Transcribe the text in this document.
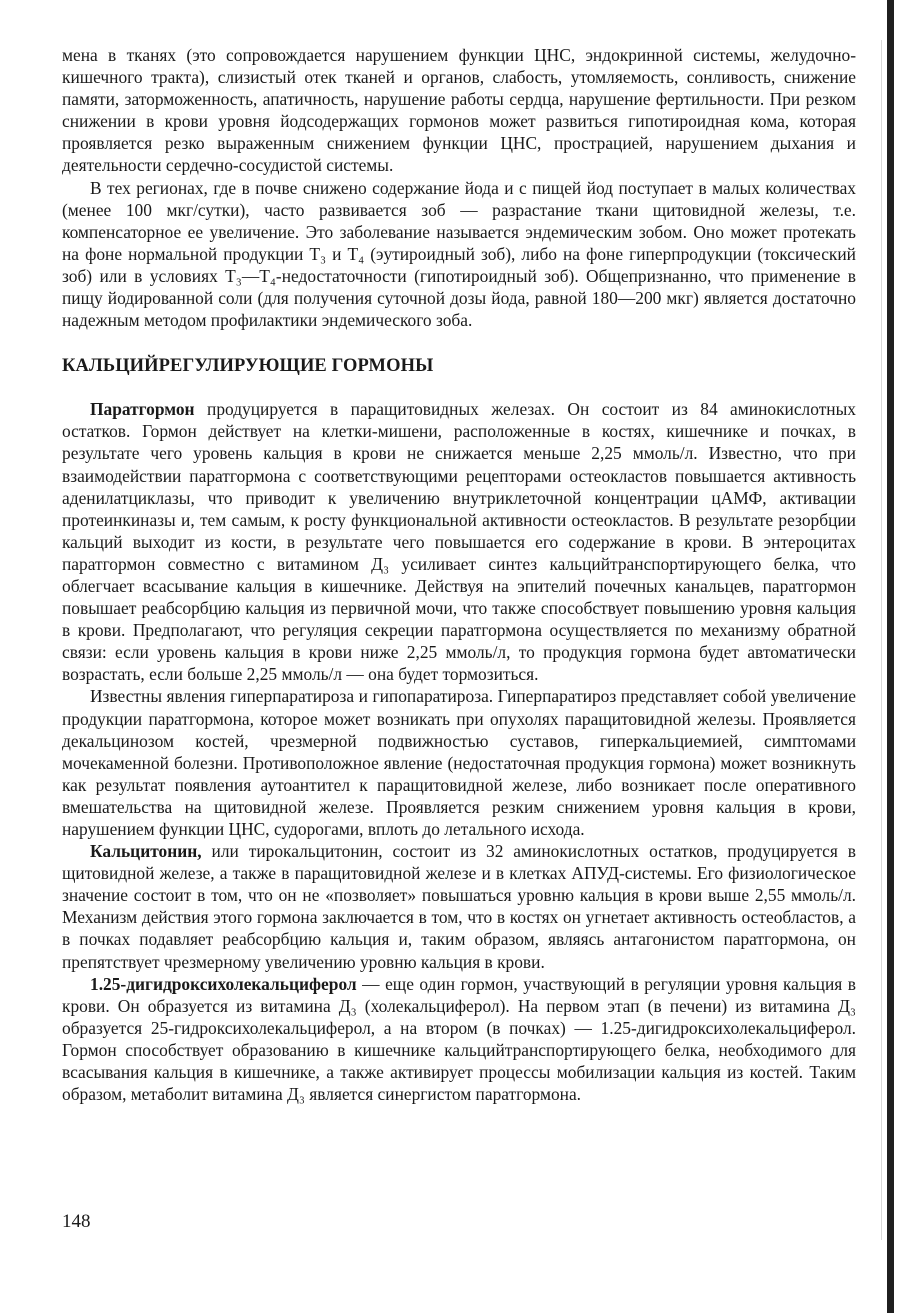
мена в тканях (это сопровождается нарушением функции ЦНС, эндокринной системы, желудочно-кишечного тракта), слизистый отек тканей и органов, слабость, утомляемость, сонливость, снижение памяти, заторможенность, апатичность, нарушение работы сердца, нарушение фертильности. При резком снижении в крови уровня йодсодержащих гормонов может развиться гипотироидная кома, которая проявляется резко выраженным снижением функции ЦНС, прострацией, нарушением дыхания и деятельности сердечно-сосудистой системы.

В тех регионах, где в почве снижено содержание йода и с пищей йод поступает в малых количествах (менее 100 мкг/сутки), часто развивается зоб — разрастание ткани щитовидной железы, т.е. компенсаторное ее увеличение. Это заболевание называется эндемическим зобом. Оно может протекать на фоне нормальной продукции Т₃ и Т₄ (эутироидный зоб), либо на фоне гиперпродукции (токсический зоб) или в условиях Т₃—Т₄-недостаточности (гипотироидный зоб). Общепризнанно, что применение в пищу йодированной соли (для получения суточной дозы йода, равной 180—200 мкг) является достаточно надежным методом профилактики эндемического зоба.

КАЛЬЦИЙРЕГУЛИРУЮЩИЕ ГОРМОНЫ

Паратгормон продуцируется в паращитовидных железах. Он состоит из 84 аминокислотных остатков. Гормон действует на клетки-мишени, расположенные в костях, кишечнике и почках, в результате чего уровень кальция в крови не снижается меньше 2,25 ммоль/л. Известно, что при взаимодействии паратгормона с соответствующими рецепторами остеокластов повышается активность аденилатциклазы, что приводит к увеличению внутриклеточной концентрации цАМФ, активации протеинкиназы и, тем самым, к росту функциональной активности остеокластов. В результате резорбции кальций выходит из кости, в результате чего повышается его содержание в крови. В энтероцитах паратгормон совместно с витамином Д₃ усиливает синтез кальцийтранспортирующего белка, что облегчает всасывание кальция в кишечнике. Действуя на эпителий почечных канальцев, паратгормон повышает реабсорбцию кальция из первичной мочи, что также способствует повышению уровня кальция в крови. Предполагают, что регуляция секреции паратгормона осуществляется по механизму обратной связи: если уровень кальция в крови ниже 2,25 ммоль/л, то продукция гормона будет автоматически возрастать, если больше 2,25 ммоль/л — она будет тормозиться.

Известны явления гиперпаратироза и гипопаратироза. Гиперпаратироз представляет собой увеличение продукции паратгормона, которое может возникать при опухолях паращитовидной железы. Проявляется декальцинозом костей, чрезмерной подвижностью суставов, гиперкальциемией, симптомами мочекаменной болезни. Противоположное явление (недостаточная продукция гормона) может возникнуть как результат появления аутоантител к паращитовидной железе, либо возникает после оперативного вмешательства на щитовидной железе. Проявляется резким снижением уровня кальция в крови, нарушением функции ЦНС, судорогами, вплоть до летального исхода.

Кальцитонин, или тирокальцитонин, состоит из 32 аминокислотных остатков, продуцируется в щитовидной железе, а также в паращитовидной железе и в клетках АПУД-системы. Его физиологическое значение состоит в том, что он не «позволяет» повышаться уровню кальция в крови выше 2,55 ммоль/л. Механизм действия этого гормона заключается в том, что в костях он угнетает активность остеобластов, а в почках подавляет реабсорбцию кальция и, таким образом, являясь антагонистом паратгормона, он препятствует чрезмерному увеличению уровню кальция в крови.

1.25-дигидроксихолекальциферол — еще один гормон, участвующий в регуляции уровня кальция в крови. Он образуется из витамина Д₃ (холекальциферол). На первом этап (в печени) из витамина Д₃ образуется 25-гидроксихолекальциферол, а на втором (в почках) — 1.25-дигидроксихолекальциферол. Гормон способствует образованию в кишечнике кальцийтранспортирующего белка, необходимого для всасывания кальция в кишечнике, а также активирует процессы мобилизации кальция из костей. Таким образом, метаболит витамина Д₃ является синергистом паратгормона.

148
